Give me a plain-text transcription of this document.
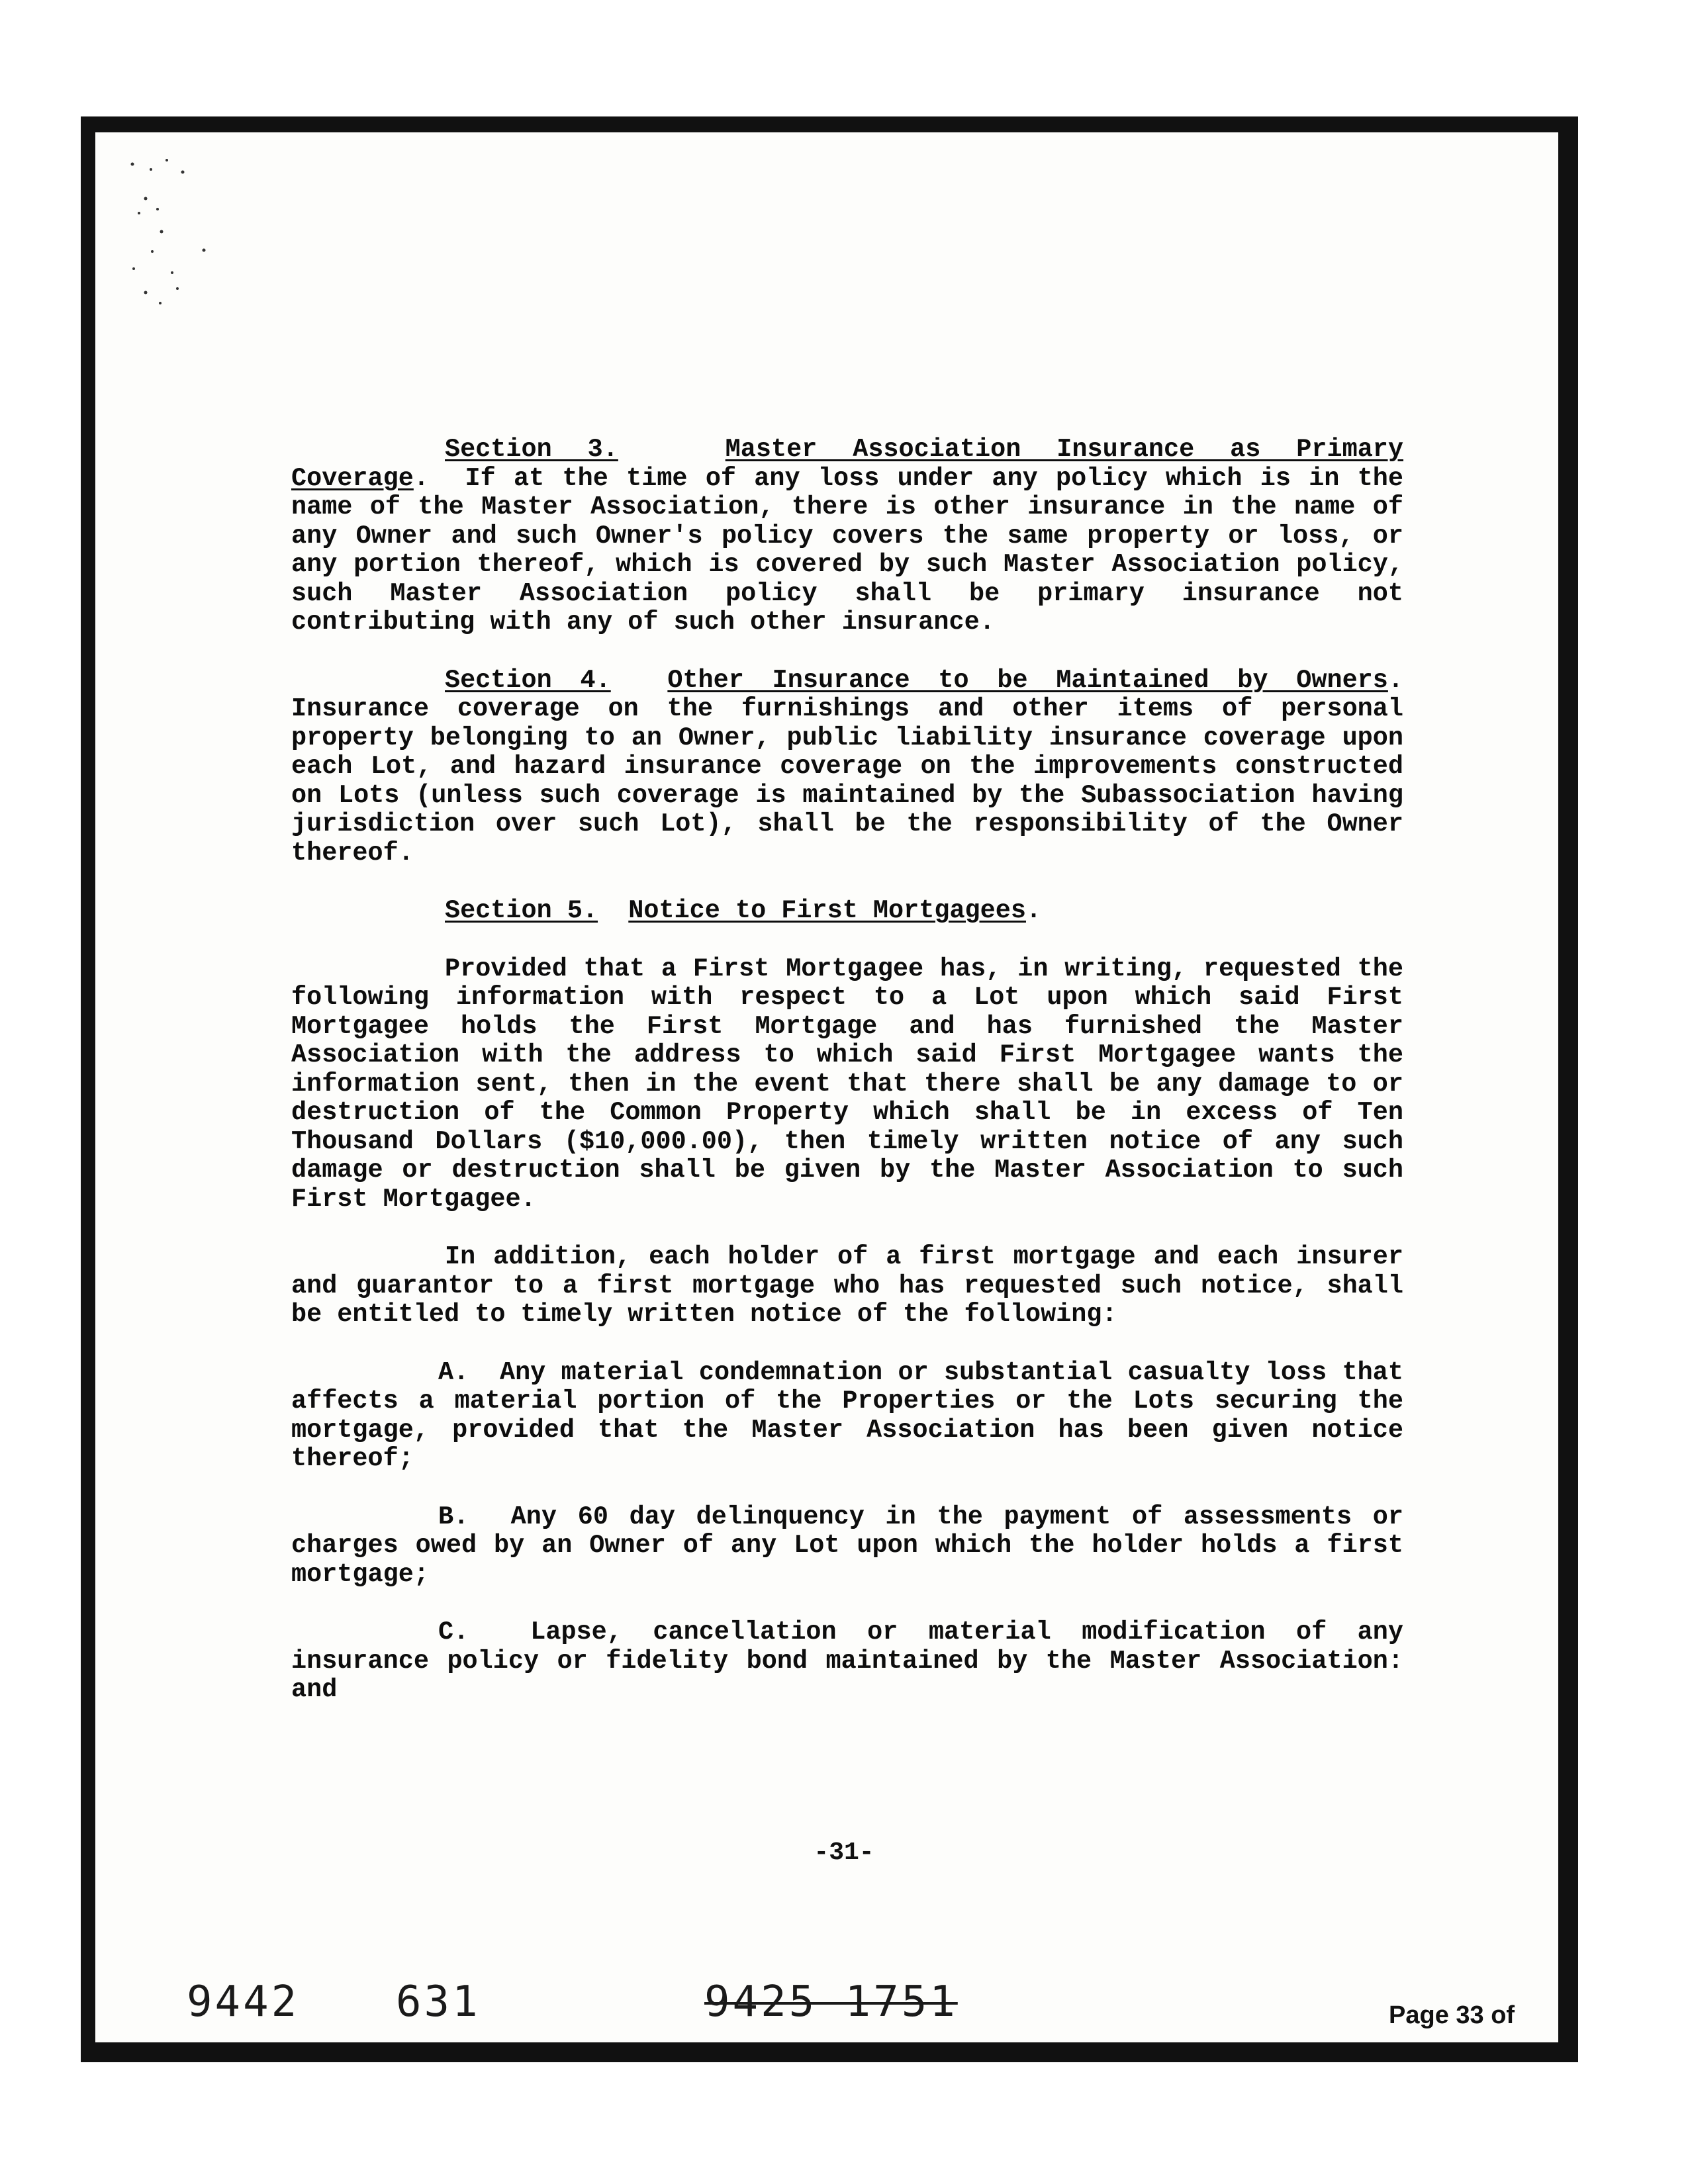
Section 3.	Master Association Insurance as Primary Coverage.  If at the time of any loss under any policy which is in the name of the Master Association, there is other insurance in the name of any Owner and such Owner's policy covers the same property or loss, or any portion thereof, which is covered by such Master Association policy, such Master Association policy shall be primary insurance not contributing with any of such other insurance.

Section 4. Other Insurance to be Maintained by Owners. Insurance coverage on the furnishings and other items of personal property belonging to an Owner, public liability insurance coverage upon each Lot, and hazard insurance coverage on the improvements constructed on Lots (unless such coverage is maintained by the Subassociation having jurisdiction over such Lot), shall be the responsibility of the Owner thereof.

Section 5. Notice to First Mortgagees.

Provided that a First Mortgagee has, in writing, requested the following information with respect to a Lot upon which said First Mortgagee holds the First Mortgage and has furnished the Master Association with the address to which said First Mortgagee wants the information sent, then in the event that there shall be any damage to or destruction of the Common Property which shall be in excess of Ten Thousand Dollars ($10,000.00), then timely written notice of any such damage or destruction shall be given by the Master Association to such First Mortgagee.

In addition, each holder of a first mortgage and each insurer and guarantor to a first mortgage who has requested such notice, shall be entitled to timely written notice of the following:

A. Any material condemnation or substantial casualty loss that affects a material portion of the Properties or the Lots securing the mortgage, provided that the Master Association has been given notice thereof;

B. Any 60 day delinquency in the payment of assessments or charges owed by an Owner of any Lot upon which the holder holds a first mortgage;

C. Lapse, cancellation or material modification of any insurance policy or fidelity bond maintained by the Master Association: and

-31-
9442 631	9425 1751	Page 33 of
